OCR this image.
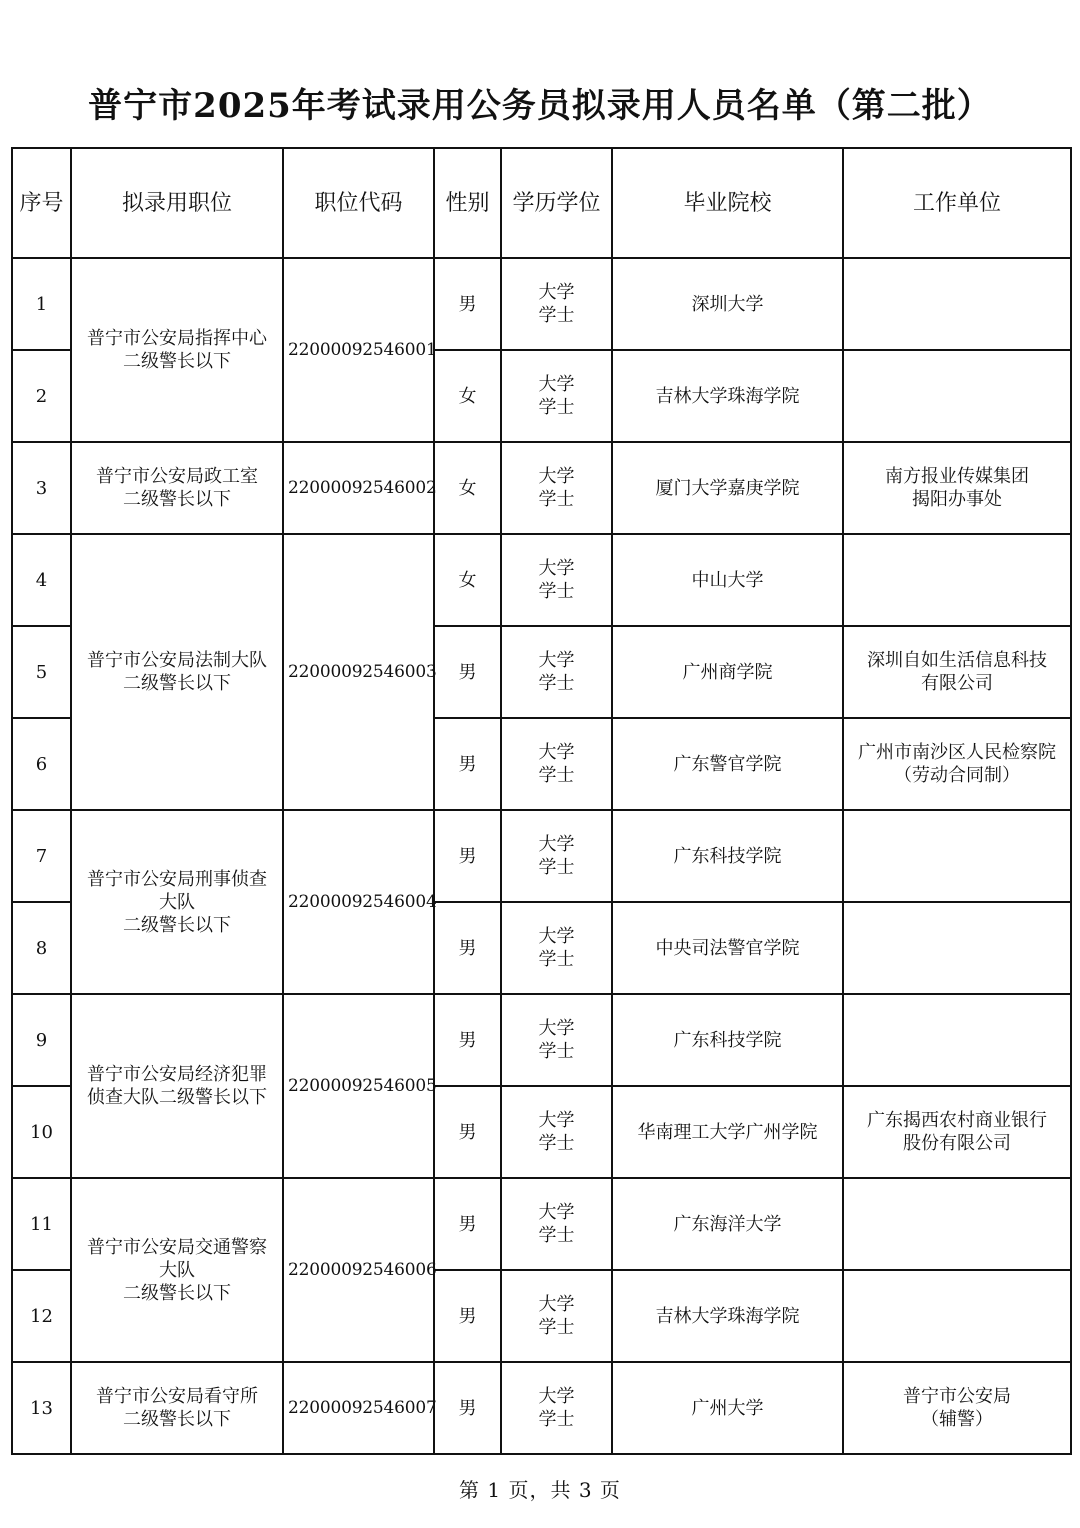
普宁市2025年考试录用公务员拟录用人员名单（第二批）
序号	拟录用职位	职位代码	性别	学历学位	毕业院校	工作单位
1	普宁市公安局指挥中心
二级警长以下	22000092546001	男	大学
学士	深圳大学	

2			女	大学
学士	吉林大学珠海学院	

3	普宁市公安局政工室
二级警长以下	22000092546002	女	大学
学士	厦门大学嘉庚学院	南方报业传媒集团
揭阳办事处
4	普宁市公安局法制大队
二级警长以下	22000092546003	女	大学
学士	中山大学	

5			男	大学
学士	广州商学院	深圳自如生活信息科技
有限公司
6			男	大学
学士	广东警官学院	广州市南沙区人民检察院
（劳动合同制）
7	普宁市公安局刑事侦查
大队
二级警长以下	22000092546004	男	大学
学士	广东科技学院	

8			男	大学
学士	中央司法警官学院	

9	普宁市公安局经济犯罪
侦查大队二级警长以下	22000092546005	男	大学
学士	广东科技学院	

10			男	大学
学士	华南理工大学广州学院	广东揭西农村商业银行
股份有限公司
11	普宁市公安局交通警察
大队
二级警长以下	22000092546006	男	大学
学士	广东海洋大学	

12			男	大学
学士	吉林大学珠海学院	

13	普宁市公安局看守所
二级警长以下	22000092546007	男	大学
学士	广州大学	普宁市公安局
（辅警）
第 1 页，共 3 页
